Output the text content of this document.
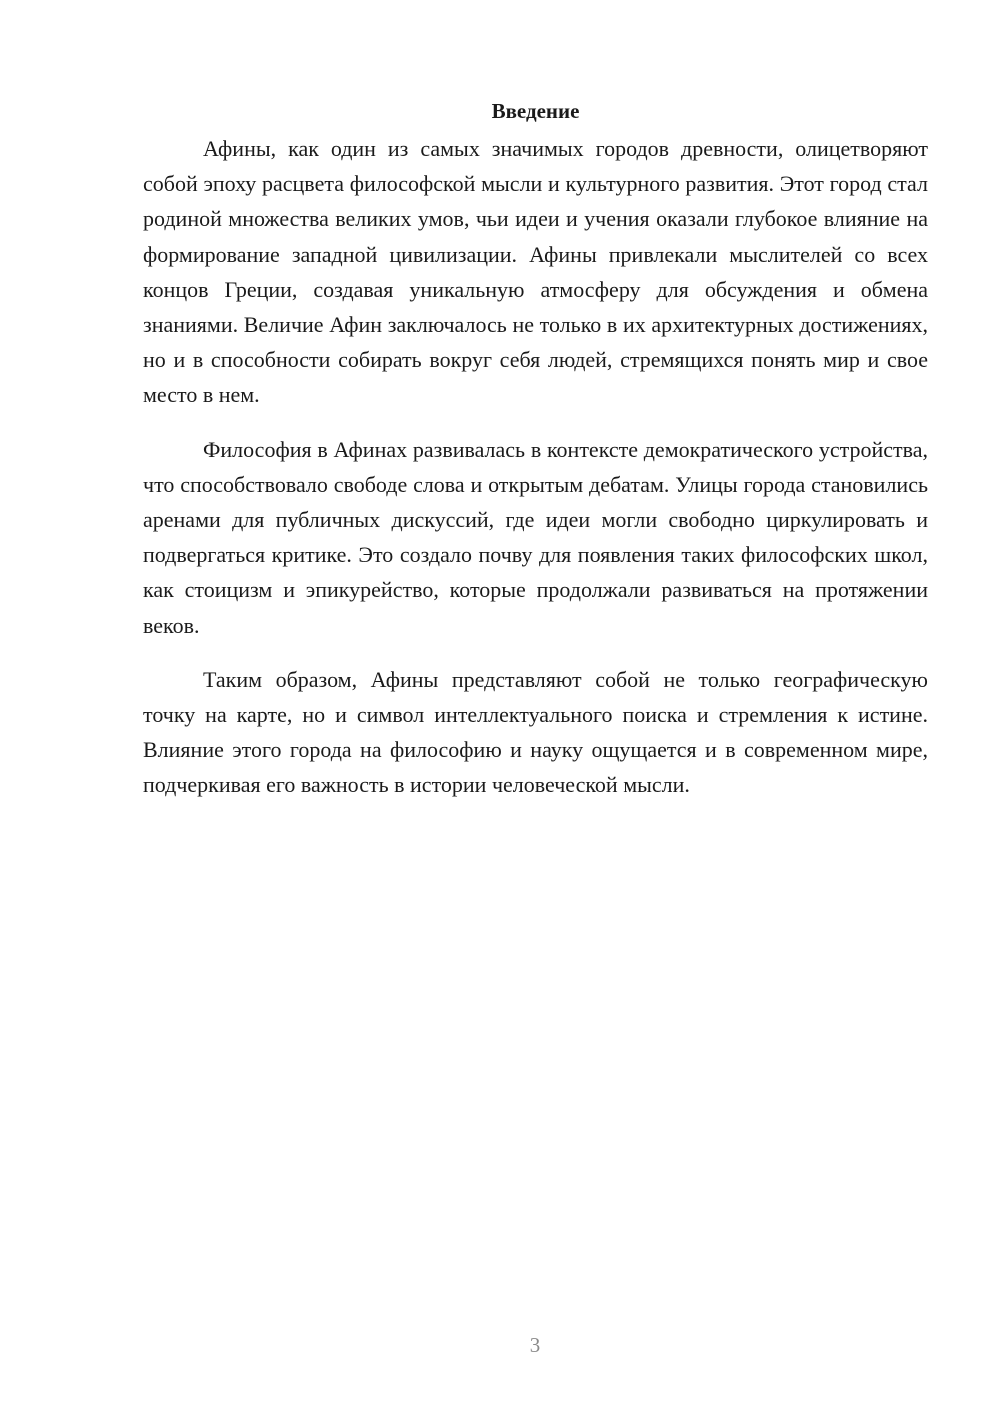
Введение

Афины, как один из самых значимых городов древности, олицетворяют собой эпоху расцвета философской мысли и культурного развития. Этот город стал родиной множества великих умов, чьи идеи и учения оказали глубокое влияние на формирование западной цивилизации. Афины привлекали мыслителей со всех концов Греции, создавая уникальную атмосферу для обсуждения и обмена знаниями. Величие Афин заключалось не только в их архитектурных достижениях, но и в способности собирать вокруг себя людей, стремящихся понять мир и свое место в нем.

Философия в Афинах развивалась в контексте демократического устройства, что способствовало свободе слова и открытым дебатам. Улицы города становились аренами для публичных дискуссий, где идеи могли свободно циркулировать и подвергаться критике. Это создало почву для появления таких философских школ, как стоицизм и эпикурейство, которые продолжали развиваться на протяжении веков.

Таким образом, Афины представляют собой не только географическую точку на карте, но и символ интеллектуального поиска и стремления к истине. Влияние этого города на философию и науку ощущается и в современном мире, подчеркивая его важность в истории человеческой мысли.

3
